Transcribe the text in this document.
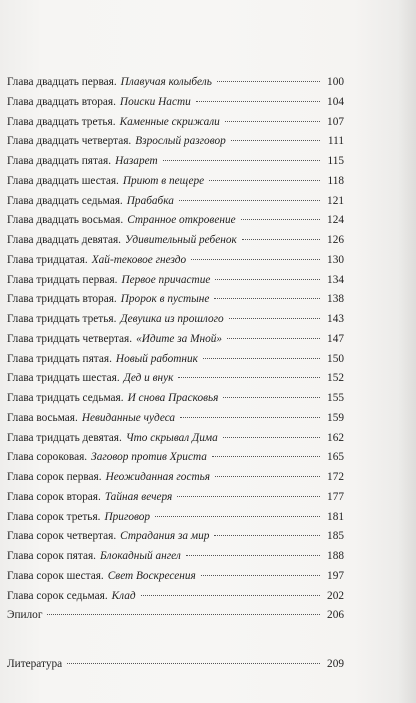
Глава двадцать первая. Плавучая колыбель	100
Глава двадцать вторая. Поиски Насти	104
Глава двадцать третья. Каменные скрижали	107
Глава двадцать четвертая. Взрослый разговор	111
Глава двадцать пятая. Назарет	115
Глава двадцать шестая. Приют в пещере	118
Глава двадцать седьмая. Прабабка	121
Глава двадцать восьмая. Странное откровение	124
Глава двадцать девятая. Удивительный ребенок	126
Глава тридцатая. Хай-тековое гнездо	130
Глава тридцать первая. Первое причастие	134
Глава тридцать вторая. Пророк в пустыне	138
Глава тридцать третья. Девушка из прошлого	143
Глава тридцать четвертая. «Идите за Мной»	147
Глава тридцать пятая. Новый работник	150
Глава тридцать шестая. Дед и внук	152
Глава тридцать седьмая. И снова Прасковья	155
Глава восьмая. Невиданные чудеса	159
Глава тридцать девятая. Что скрывал Дима	162
Глава сороковая. Заговор против Христа	165
Глава сорок первая. Неожиданная гостья	172
Глава сорок вторая. Тайная вечеря	177
Глава сорок третья. Приговор	181
Глава сорок четвертая. Страдания за мир	185
Глава сорок пятая. Блокадный ангел	188
Глава сорок шестая. Свет Воскресения	197
Глава сорок седьмая. Клад	202
Эпилог	206
Литература	209
